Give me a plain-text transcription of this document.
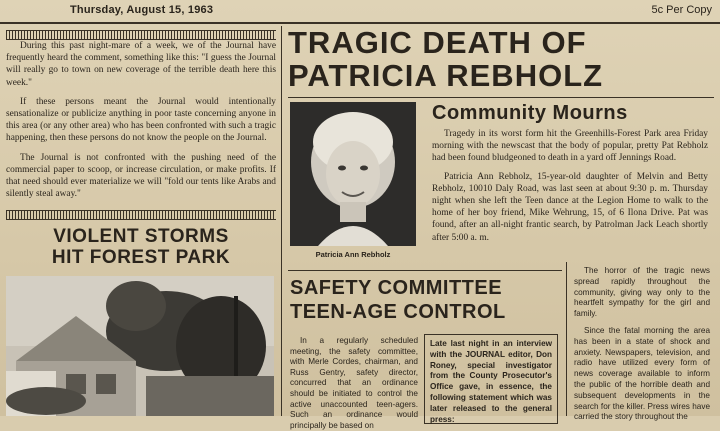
Thursday, August 15, 1963	5c Per Copy

During this past night-mare of a week, we of the Journal have frequently heard the comment, something like this: "I guess the Journal will really go to town on new coverage of the terrible death here this week."

If these persons meant the Journal would intentionally sensationalize or publicize anything in poor taste concerning anyone in this area (or any other area) who has been confronted with such a tragic happening, then these persons do not know the people on the Journal.

The Journal is not confronted with the pushing need of the commercial paper to scoop, or increase circulation, or make profits. If that need should ever materialize we will "fold our tents like Arabs and silently steal away."

VIOLENT STORMS
HIT FOREST PARK
TRAGIC DEATH OF
PATRICIA REBHOLZ
Patricia Ann Rebholz
Community Mourns

Tragedy in its worst form hit the Greenhills-Forest Park area Friday morning with the newscast that the body of popular, pretty Pat Rebholz had been found bludgeoned to death in a yard off Jennings Road.

Patricia Ann Rebholz, 15-year-old daughter of Melvin and Betty Rebholz, 10010 Daly Road, was last seen at about 9:30 p. m. Thursday night when she left the Teen dance at the Legion Home to walk to the home of her boy friend, Mike Wehrung, 15, of 6 Ilona Drive. Pat was found, after an all-night frantic search, by Patrolman Jack Leach shortly after 5:00 a. m.

SAFETY COMMITTEE
TEEN-AGE CONTROL

In a regularly scheduled meeting, the safety committee, with Merle Cordes, chairman, and Russ Gentry, safety director, concurred that an ordinance should be initiated to control the active unaccounted teen-agers. Such an ordinance would principally be based on

Late last night in an interview with the JOURNAL editor, Don Roney, special investigator from the County Prosecutor's Office gave, in essence, the following statement which was later released to the general press:

The horror of the tragic news spread rapidly throughout the community, giving way only to the heartfelt sympathy for the girl and family.

Since the fatal morning the area has been in a state of shock and anxiety. Newspapers, television, and radio have utilized every form of news coverage available to inform the public of the horrible death and subsequent developments in the search for the killer. Press wires have carried the story throughout the
